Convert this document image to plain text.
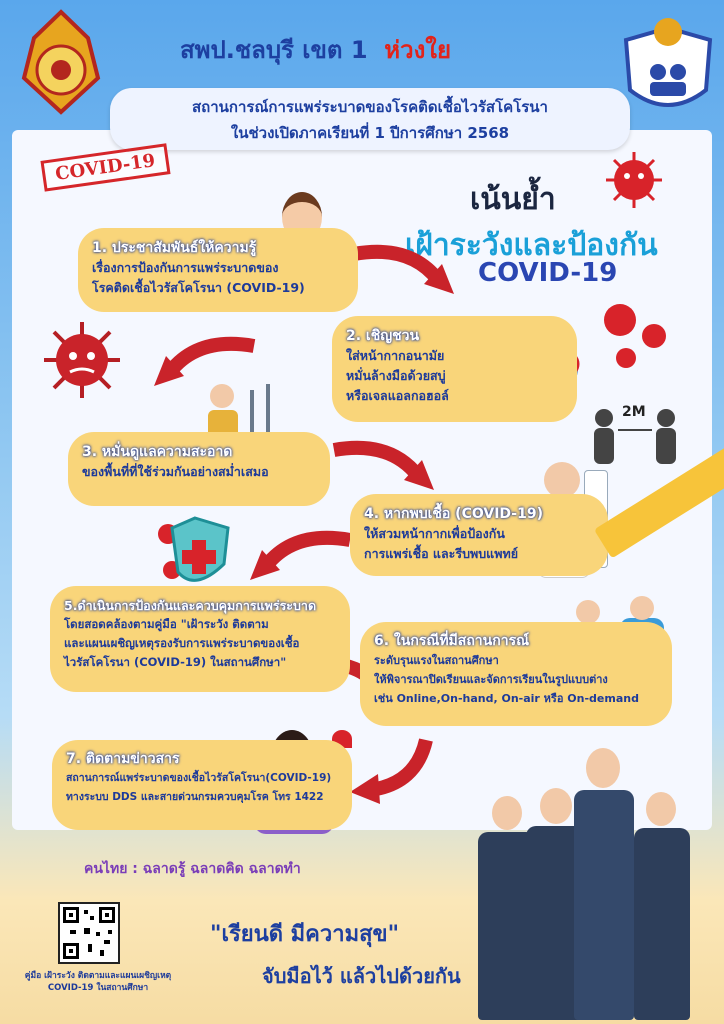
สพป.ชลบุรี เขต 1 ห่วงใย
สถานการณ์การแพร่ระบาดของโรคติดเชื้อไวรัสโคโรนา
ในช่วงเปิดภาคเรียนที่ 1 ปีการศึกษา 2568
COVID-19
เน้นย้ำ
เฝ้าระวังและป้องกัน
COVID-19
2M
1. ประชาสัมพันธ์ให้ความรู้
เรื่องการป้องกันการแพร่ระบาดของ
โรคติดเชื้อไวรัสโคโรนา (COVID-19)
2. เชิญชวน
ใส่หน้ากากอนามัย
หมั่นล้างมือด้วยสบู่
หรือเจลแอลกอฮอล์
3. หมั่นดูแลความสะอาด
ของพื้นที่ที่ใช้ร่วมกันอย่างสม่ำเสมอ
4. หากพบเชื้อ (COVID-19)
ให้สวมหน้ากากเพื่อป้องกัน
การแพร่เชื้อ และรีบพบแพทย์
5.ดำเนินการป้องกันและควบคุมการแพร่ระบาด
โดยสอดคล้องตามคู่มือ "เฝ้าระวัง ติดตาม
และแผนเผชิญเหตุรองรับการแพร่ระบาดของเชื้อ
ไวรัสโคโรนา (COVID-19) ในสถานศึกษา"
6. ในกรณีที่มีสถานการณ์
ระดับรุนแรงในสถานศึกษา
ให้พิจารณาปิดเรียนและจัดการเรียนในรูปแบบต่าง
เช่น Online,On-hand, On-air หรือ On-demand
7. ติดตามข่าวสาร
สถานการณ์แพร่ระบาดของเชื้อไวรัสโคโรนา(COVID-19)
ทางระบบ DDS และสายด่วนกรมควบคุมโรค โทร 1422
คนไทย : ฉลาดรู้ ฉลาดคิด ฉลาดทำ
คู่มือ เฝ้าระวัง ติดตามและแผนเผชิญเหตุ
COVID-19 ในสถานศึกษา
"เรียนดี มีความสุข"
จับมือไว้ แล้วไปด้วยกัน
